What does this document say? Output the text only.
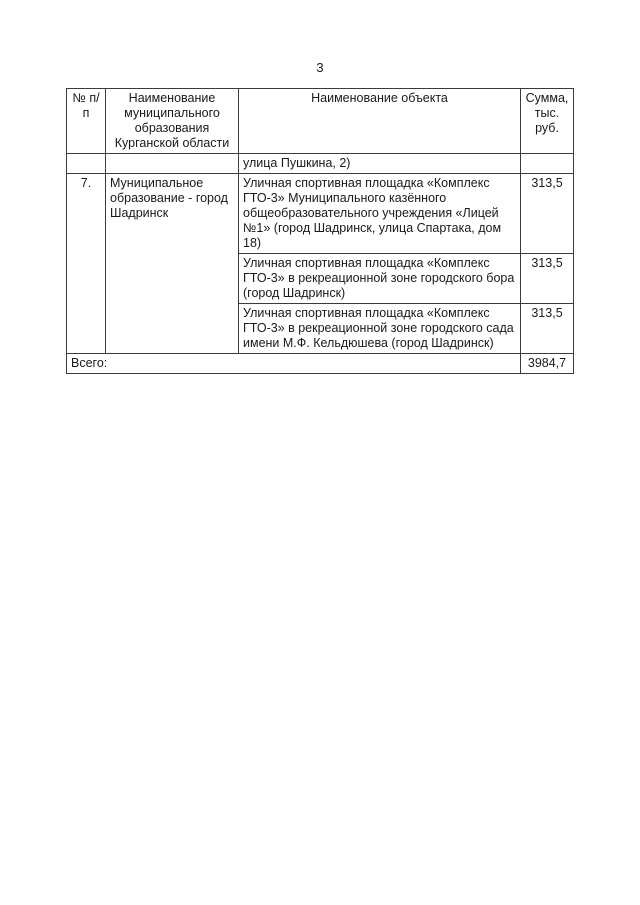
3
№ п/п	Наименование муниципального образования Курганской области	Наименование объекта	Сумма, тыс. руб.
		улица Пушкина, 2)	
7.	Муниципальное образование - город Шадринск	Уличная спортивная площадка «Комплекс ГТО-3» Муниципального казённого общеобразовательного учреждения «Лицей №1» (город Шадринск, улица Спартака, дом 18)	313,5
		Уличная спортивная площадка «Комплекс ГТО-3» в рекреационной зоне городского бора (город Шадринск)	313,5
		Уличная спортивная площадка «Комплекс ГТО-3» в рекреационной зоне городского сада имени М.Ф. Кельдюшева (город Шадринск)	313,5
Всего:			3984,7
